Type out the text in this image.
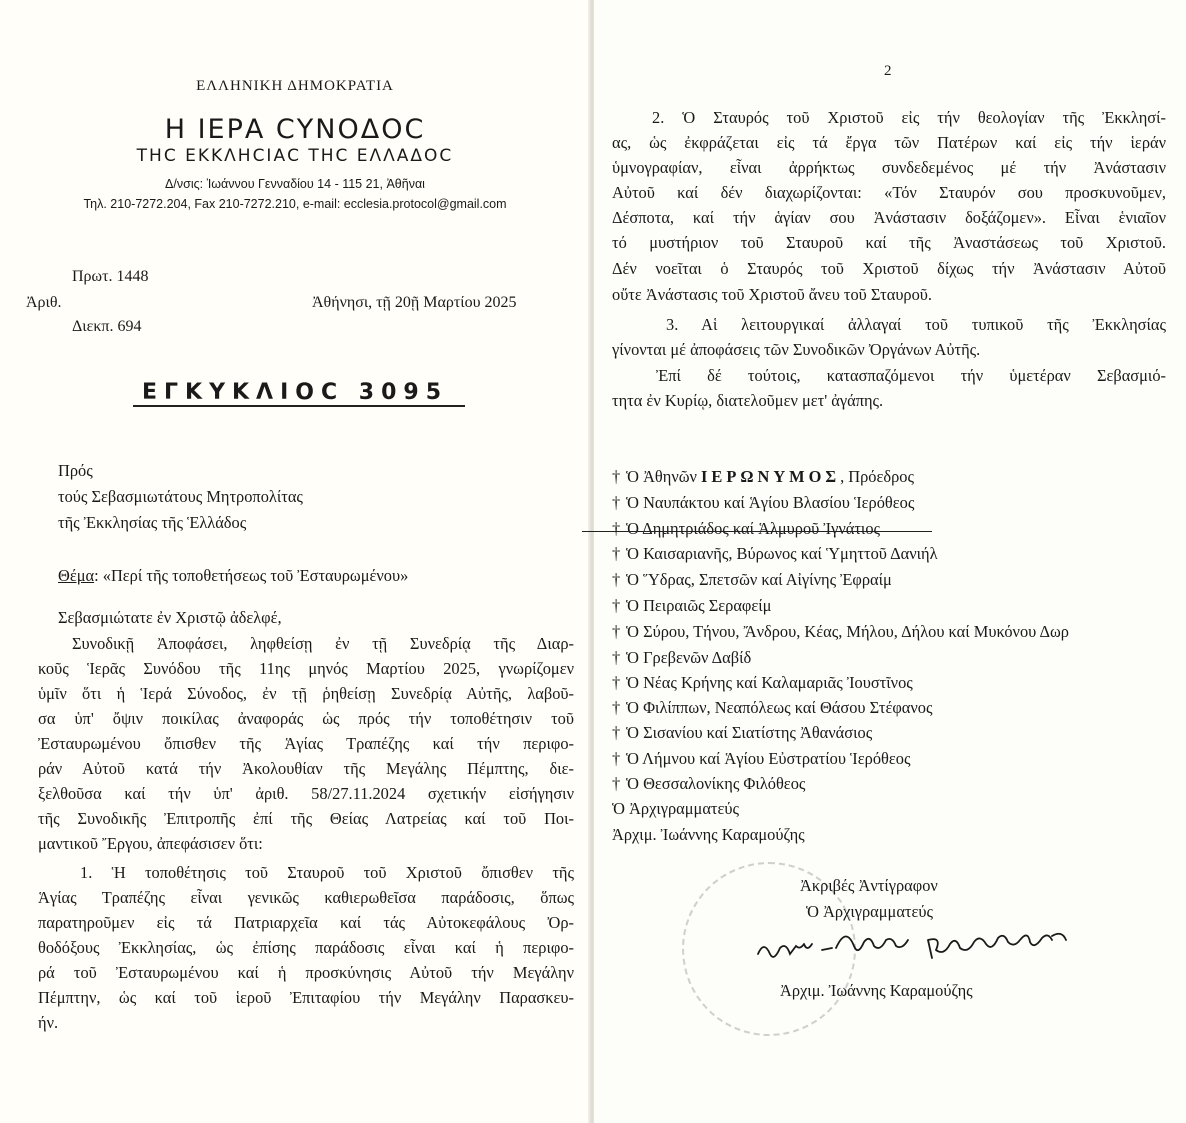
ΕΛΛΗΝΙΚΗ ΔΗΜΟΚΡΑΤΙΑ
Η ΙΕΡΑ CΥΝΟΔΟC
ΤΗC ΕΚΚΛΗCΙΑC ΤΗC ΕΛΛΑΔΟC
Δ/νσις: Ἰωάννου Γενναδίου 14 - 115 21, Ἀθῆναι
Τηλ. 210-7272.204, Fax 210-7272.210, e-mail: ecclesia.protocol@gmail.com
Πρωτ. 1448
Ἀριθ.	Ἀθήνησι, τῇ 20ῇ Μαρτίου 2025
Διεκπ. 694
ΕΓΚΥΚΛΙΟC 3095
Πρός
τούς Σεβασμιωτάτους Μητροπολίτας
τῆς Ἐκκλησίας τῆς Ἑλλάδος
Θέμα: «Περί τῆς τοποθετήσεως τοῦ Ἐσταυρωμένου»
Σεβασμιώτατε ἐν Χριστῷ ἀδελφέ,
Συνοδικῇ Ἀποφάσει, ληφθείσῃ ἐν τῇ Συνεδρίᾳ τῆς Διαρ-
κοῦς Ἱερᾶς Συνόδου τῆς 11ης μηνός Μαρτίου 2025, γνωρίζομεν
ὑμῖν ὅτι ἡ Ἱερά Σύνοδος, ἐν τῇ ῥηθείσῃ Συνεδρίᾳ Αὐτῆς, λαβοῦ-
σα ὑπ' ὄψιν ποικίλας ἀναφοράς ὡς πρός τήν τοποθέτησιν τοῦ
Ἐσταυρωμένου ὄπισθεν τῆς Ἁγίας Τραπέζης καί τήν περιφο-
ράν Αὐτοῦ κατά τήν Ἀκολουθίαν τῆς Μεγάλης Πέμπτης, διε-
ξελθοῦσα καί τήν ὑπ' ἀριθ. 58/27.11.2024 σχετικήν εἰσήγησιν
τῆς Συνοδικῆς Ἐπιτροπῆς ἐπί τῆς Θείας Λατρείας καί τοῦ Ποι-
μαντικοῦ Ἔργου, ἀπεφάσισεν ὅτι:
1. Ἡ τοποθέτησις τοῦ Σταυροῦ τοῦ Χριστοῦ ὄπισθεν τῆς
Ἁγίας Τραπέζης εἶναι γενικῶς καθιερωθεῖσα παράδοσις, ὅπως
παρατηροῦμεν εἰς τά Πατριαρχεῖα καί τάς Αὐτοκεφάλους Ὀρ-
θοδόξους Ἐκκλησίας, ὡς ἐπίσης παράδοσις εἶναι καί ἡ περιφο-
ρά τοῦ Ἐσταυρωμένου καί ἡ προσκύνησις Αὐτοῦ τήν Μεγάλην
Πέμπτην, ὡς καί τοῦ ἱεροῦ Ἐπιταφίου τήν Μεγάλην Παρασκευ-
ήν.
2
2. Ὁ Σταυρός τοῦ Χριστοῦ εἰς τήν θεολογίαν τῆς Ἐκκλησί-
ας, ὡς ἐκφράζεται εἰς τά ἔργα τῶν Πατέρων καί εἰς τήν ἱεράν
ὑμνογραφίαν, εἶναι ἀρρήκτως συνδεδεμένος μέ τήν Ἀνάστασιν
Αὐτοῦ καί δέν διαχωρίζονται: «Τόν Σταυρόν σου προσκυνοῦμεν,
Δέσποτα, καί τήν ἁγίαν σου Ἀνάστασιν δοξάζομεν». Εἶναι ἑνιαῖον
τό μυστήριον τοῦ Σταυροῦ καί τῆς Ἀναστάσεως τοῦ Χριστοῦ.
Δέν νοεῖται ὁ Σταυρός τοῦ Χριστοῦ δίχως τήν Ἀνάστασιν Αὐτοῦ
οὔτε Ἀνάστασις τοῦ Χριστοῦ ἄνευ τοῦ Σταυροῦ.
3. Αἱ λειτουργικαί ἀλλαγαί τοῦ τυπικοῦ τῆς Ἐκκλησίας
γίνονται μέ ἀποφάσεις τῶν Συνοδικῶν Ὀργάνων Αὐτῆς.
Ἐπί δέ τούτοις, κατασπαζόμενοι τήν ὑμετέραν Σεβασμιό-
τητα ἐν Κυρίῳ, διατελοῦμεν μετ' ἀγάπης.
† Ὁ Ἀθηνῶν ΙΕΡΩΝΥΜΟΣ, Πρόεδρος
† Ὁ Ναυπάκτου καί Ἁγίου Βλασίου Ἱερόθεος
† Ὁ Δημητριάδος καί Ἁλμυροῦ Ἰγνάτιος
† Ὁ Καισαριανῆς, Βύρωνος καί Ὑμηττοῦ Δανιήλ
† Ὁ Ὕδρας, Σπετσῶν καί Αἰγίνης Ἐφραίμ
† Ὁ Πειραιῶς Σεραφείμ
† Ὁ Σύρου, Τήνου, Ἄνδρου, Κέας, Μήλου, Δήλου καί Μυκόνου Δωρ
† Ὁ Γρεβενῶν Δαβίδ
† Ὁ Νέας Κρήνης καί Καλαμαριᾶς Ἰουστῖνος
† Ὁ Φιλίππων, Νεαπόλεως καί Θάσου Στέφανος
† Ὁ Σισανίου καί Σιατίστης Ἀθανάσιος
† Ὁ Λήμνου καί Ἁγίου Εὐστρατίου Ἱερόθεος
† Ὁ Θεσσαλονίκης Φιλόθεος
Ὁ Ἀρχιγραμματεύς
Ἀρχιμ. Ἰωάννης Καραμούζης
Ἀκριβές Ἀντίγραφον
Ὁ Ἀρχιγραμματεύς
Ἀρχιμ. Ἰωάννης Καραμούζης
